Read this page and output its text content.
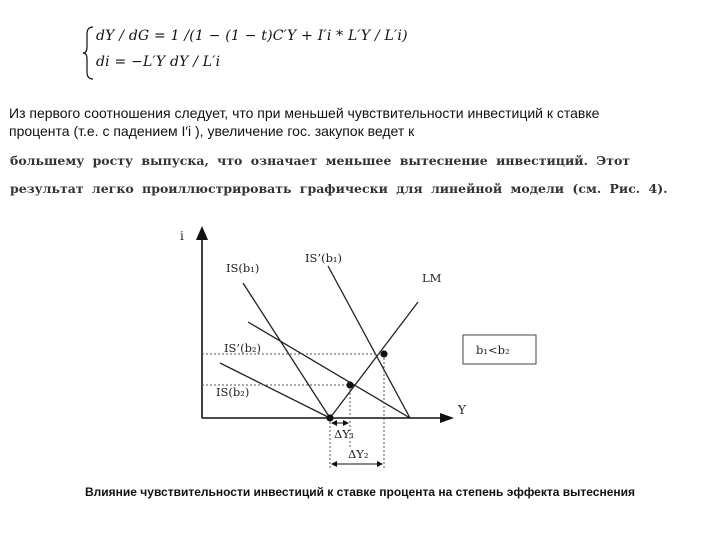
dY / dG = 1 /(1 − (1 − t)C′Y + I′i * L′Y / L′i)
di = −L′Y dY / L′i

Из первого соотношения следует, что при меньшей чувствительности инвестиций к ставке

процента (т.е. с падением I′i ), увеличение гос. закупок ведет к

большему росту выпуска, что означает меньшее вытеснение инвестиций. Этот

результат легко проиллюстрировать графически для линейной модели (см. Рис. 4).

i
Y
ΔY₁
ΔY₂
IS(b₁)
IS’(b₁)
LM
IS’(b₂)
IS(b₂)
b₁<b₂
Влияние чувствительности инвестиций к ставке процента на степень эффекта вытеснения
